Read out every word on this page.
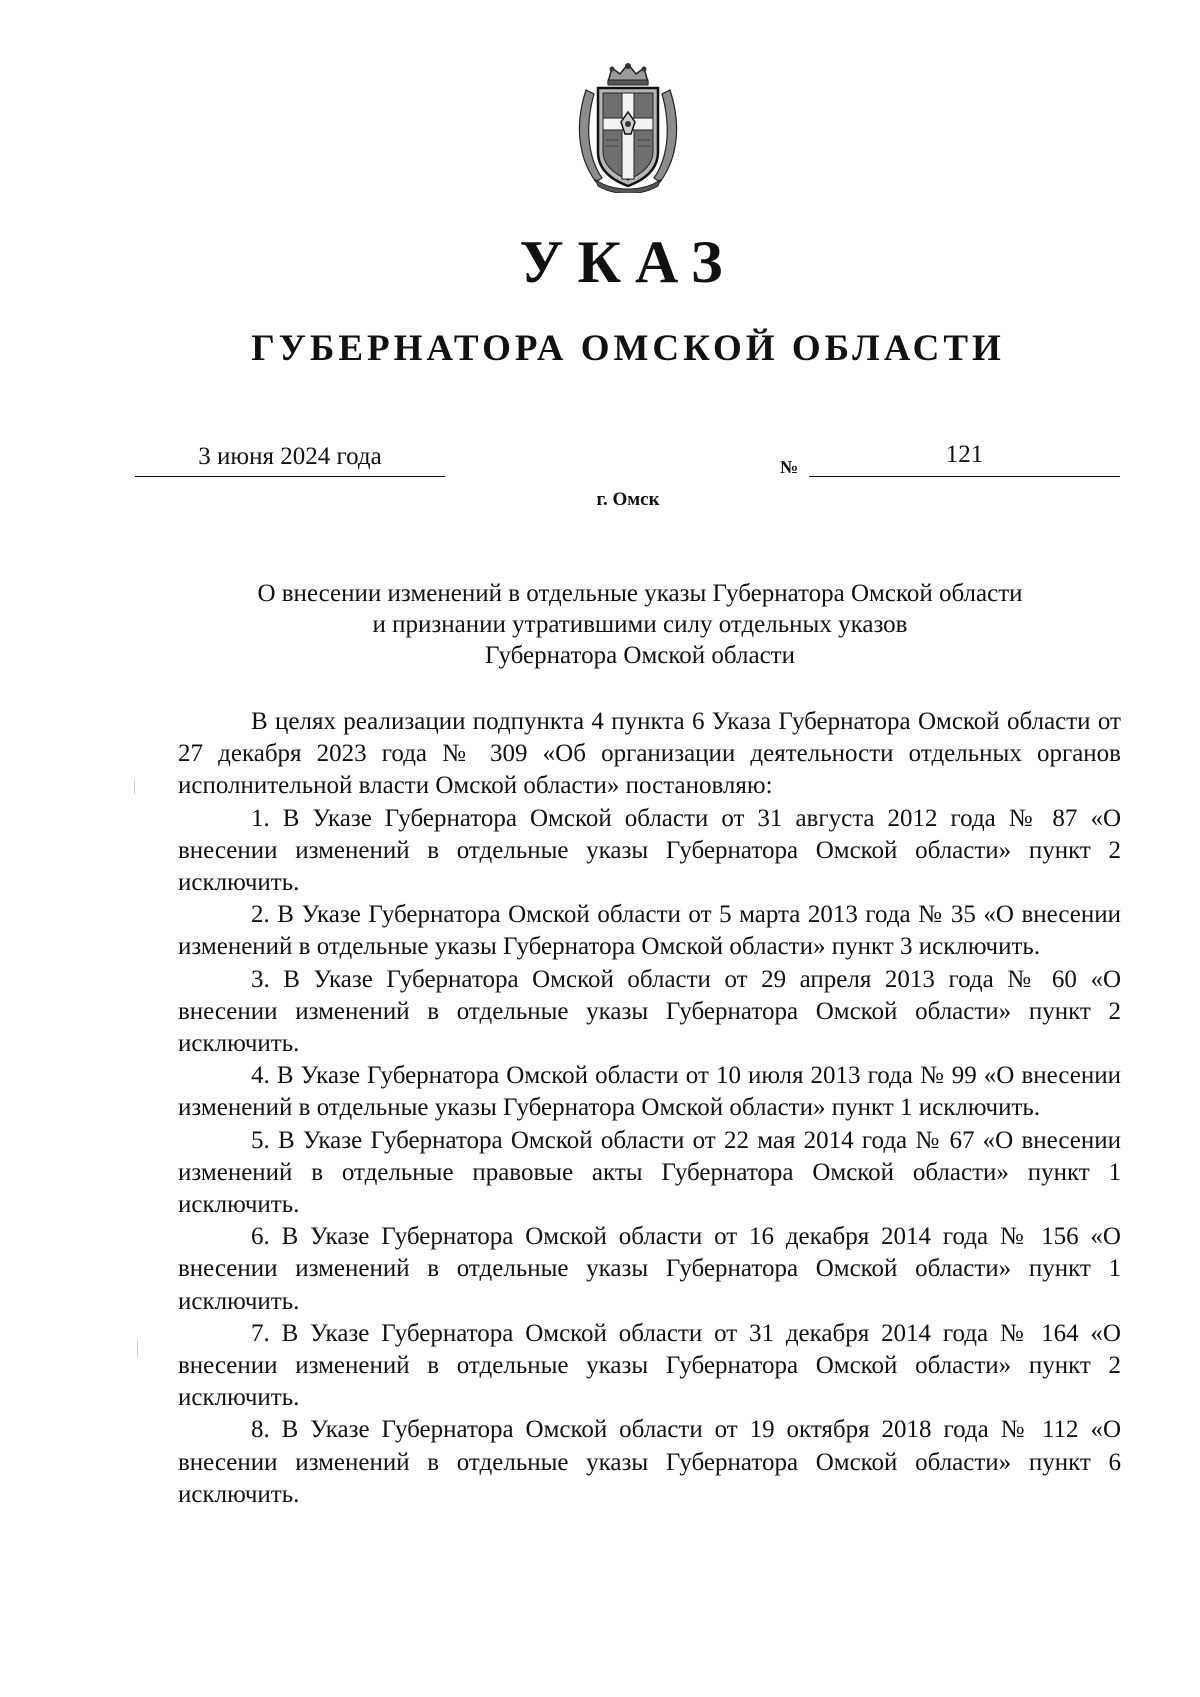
УКАЗ
ГУБЕРНАТОРА ОМСКОЙ ОБЛАСТИ
3 июня 2024 года	№	121
г. Омск
О внесении изменений в отдельные указы Губернатора Омской области
и признании утратившими силу отдельных указов
Губернатора Омской области

В целях реализации подпункта 4 пункта 6 Указа Губернатора Омской области от 27 декабря 2023 года № 309 «Об организации деятельности отдельных органов исполнительной власти Омской области» постановляю:

1. В Указе Губернатора Омской области от 31 августа 2012 года № 87 «О внесении изменений в отдельные указы Губернатора Омской области» пункт 2 исключить.

2. В Указе Губернатора Омской области от 5 марта 2013 года № 35 «О внесении изменений в отдельные указы Губернатора Омской области» пункт 3 исключить.

3. В Указе Губернатора Омской области от 29 апреля 2013 года № 60 «О внесении изменений в отдельные указы Губернатора Омской области» пункт 2 исключить.

4. В Указе Губернатора Омской области от 10 июля 2013 года № 99 «О внесении изменений в отдельные указы Губернатора Омской области» пункт 1 исключить.

5. В Указе Губернатора Омской области от 22 мая 2014 года № 67 «О внесении изменений в отдельные правовые акты Губернатора Омской области» пункт 1 исключить.

6. В Указе Губернатора Омской области от 16 декабря 2014 года № 156 «О внесении изменений в отдельные указы Губернатора Омской области» пункт 1 исключить.

7. В Указе Губернатора Омской области от 31 декабря 2014 года № 164 «О внесении изменений в отдельные указы Губернатора Омской области» пункт 2 исключить.

8. В Указе Губернатора Омской области от 19 октября 2018 года № 112 «О внесении изменений в отдельные указы Губернатора Омской области» пункт 6 исключить.
